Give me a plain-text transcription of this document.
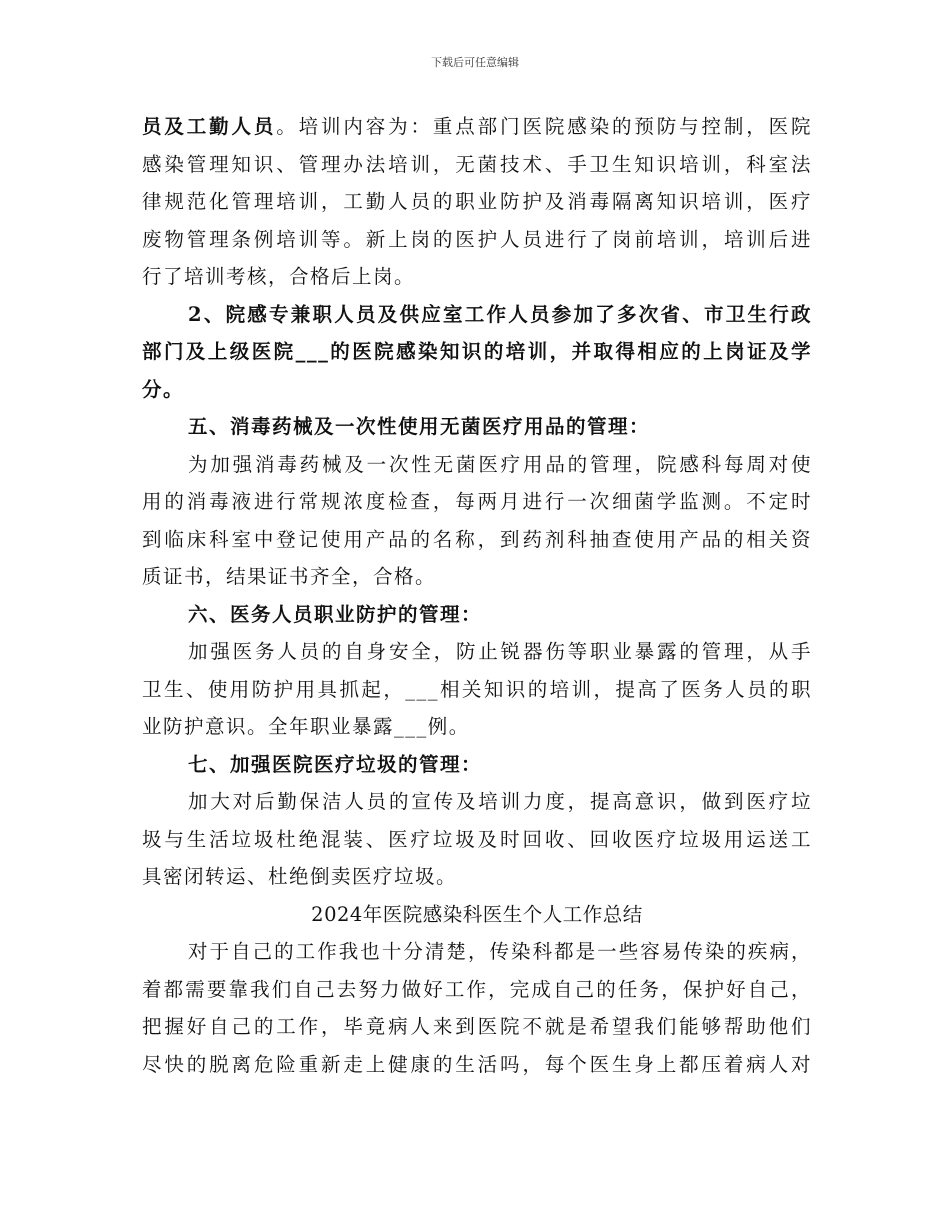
下载后可任意编辑

员及工勤人员。培训内容为：重点部门医院感染的预防与控制，医院

感染管理知识、管理办法培训，无菌技术、手卫生知识培训，科室法

律规范化管理培训，工勤人员的职业防护及消毒隔离知识培训，医疗

废物管理条例培训等。新上岗的医护人员进行了岗前培训，培训后进

行了培训考核，合格后上岗。

2、院感专兼职人员及供应室工作人员参加了多次省、市卫生行政

部门及上级医院___的医院感染知识的培训，并取得相应的上岗证及学

分。

五、消毒药械及一次性使用无菌医疗用品的管理：

为加强消毒药械及一次性无菌医疗用品的管理，院感科每周对使

用的消毒液进行常规浓度检查，每两月进行一次细菌学监测。不定时

到临床科室中登记使用产品的名称，到药剂科抽查使用产品的相关资

质证书，结果证书齐全，合格。

六、医务人员职业防护的管理：

加强医务人员的自身安全，防止锐器伤等职业暴露的管理，从手

卫生、使用防护用具抓起，___相关知识的培训，提高了医务人员的职

业防护意识。全年职业暴露___例。

七、加强医院医疗垃圾的管理：

加大对后勤保洁人员的宣传及培训力度，提高意识，做到医疗垃

圾与生活垃圾杜绝混装、医疗垃圾及时回收、回收医疗垃圾用运送工

具密闭转运、杜绝倒卖医疗垃圾。

2024年医院感染科医生个人工作总结

对于自己的工作我也十分清楚，传染科都是一些容易传染的疾病，

着都需要靠我们自己去努力做好工作，完成自己的任务，保护好自己，

把握好自己的工作，毕竟病人来到医院不就是希望我们能够帮助他们

尽快的脱离危险重新走上健康的生活吗，每个医生身上都压着病人对
